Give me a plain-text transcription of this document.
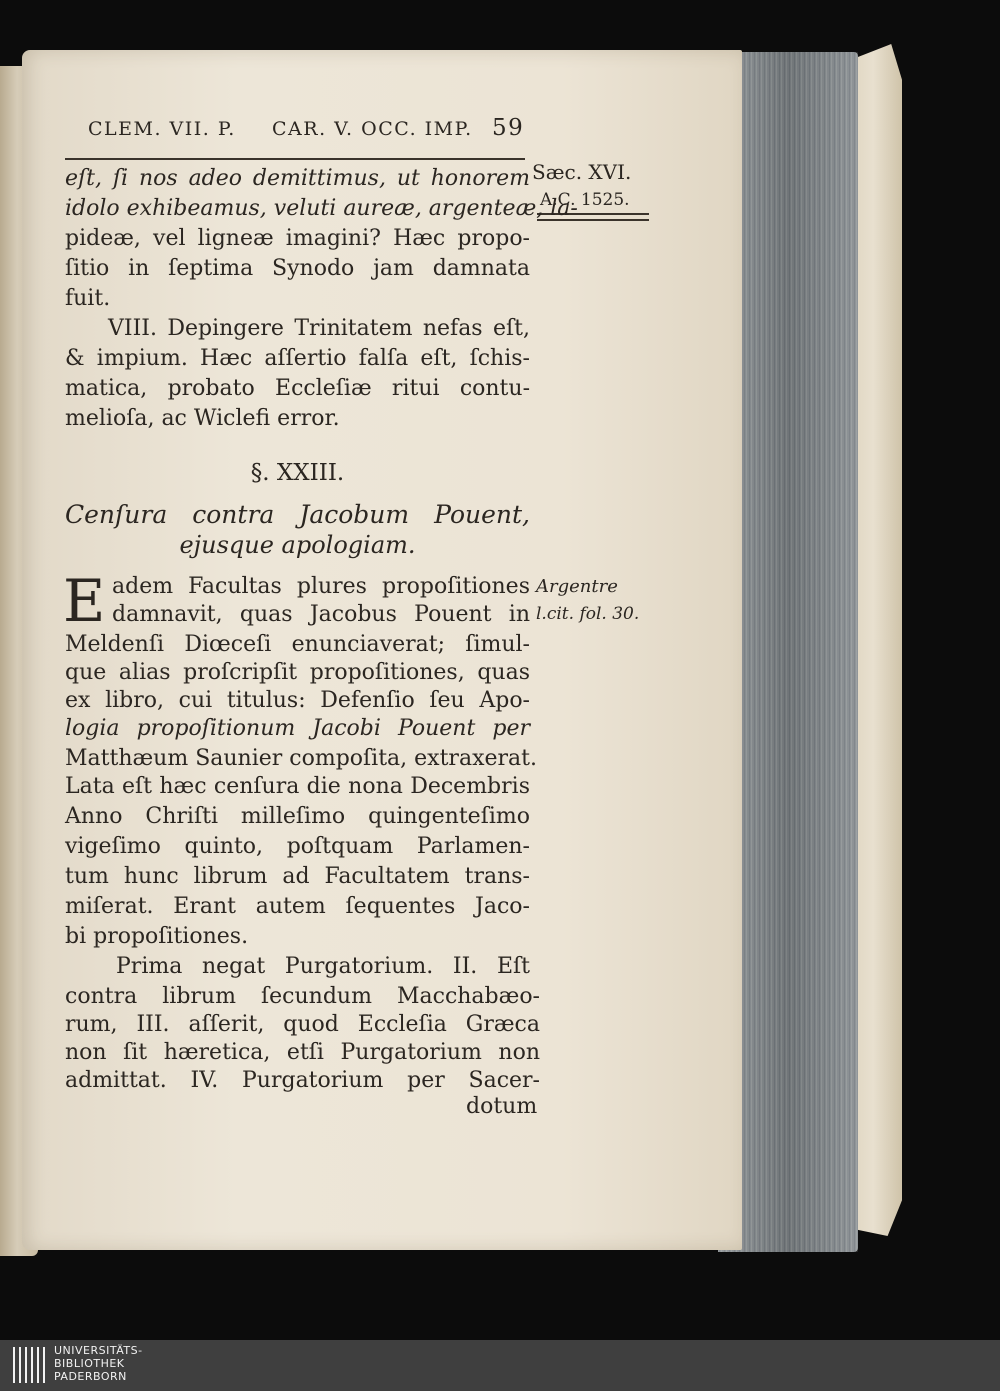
CLEM. VII. P. CAR. V. OCC. IMP. 59
Sæc. XVI.
A.C. 1525.
eſt, ſi nos adeo demittimus, ut honorem
idolo exhibeamus, veluti aureæ, argenteæ, la-
pideæ, vel ligneæ imagini? Hæc propo-
ſitio in ſeptima Synodo jam damnata
fuit.
VIII. Depingere Trinitatem nefas eſt,
& impium. Hæc aſſertio falſa eſt, ſchis-
matica, probato Eccleſiæ ritui contu-
melioſa, ac Wiclefi error.
§. XXIII.
Cenſura contra Jacobum Pouent,
ejusque apologiam.
E adem Facultas plures propoſitiones
damnavit, quas Jacobus Pouent in
Argentre
l.cit. fol. 30.
Meldenſi Diœceſi enunciaverat; ſimul-
que alias proſcripſit propoſitiones, quas
ex libro, cui titulus: Defenſio ſeu Apo-
logia propoſitionum Jacobi Pouent per
Matthæum Saunier compoſita, extraxerat.
Lata eſt hæc cenſura die nona Decembris
Anno Chriſti milleſimo quingenteſimo
vigeſimo quinto, poſtquam Parlamen-
tum hunc librum ad Facultatem trans-
miſerat. Erant autem ſequentes Jaco-
bi propoſitiones.
Prima negat Purgatorium. II. Eſt
contra librum ſecundum Macchabæo-
rum, III. aſſerit, quod Eccleſia Græca
non ſit hæretica, etſi Purgatorium non
admittat. IV. Purgatorium per Sacer-
dotum
UNIVERSITÄTS-
BIBLIOTHEK
PADERBORN
